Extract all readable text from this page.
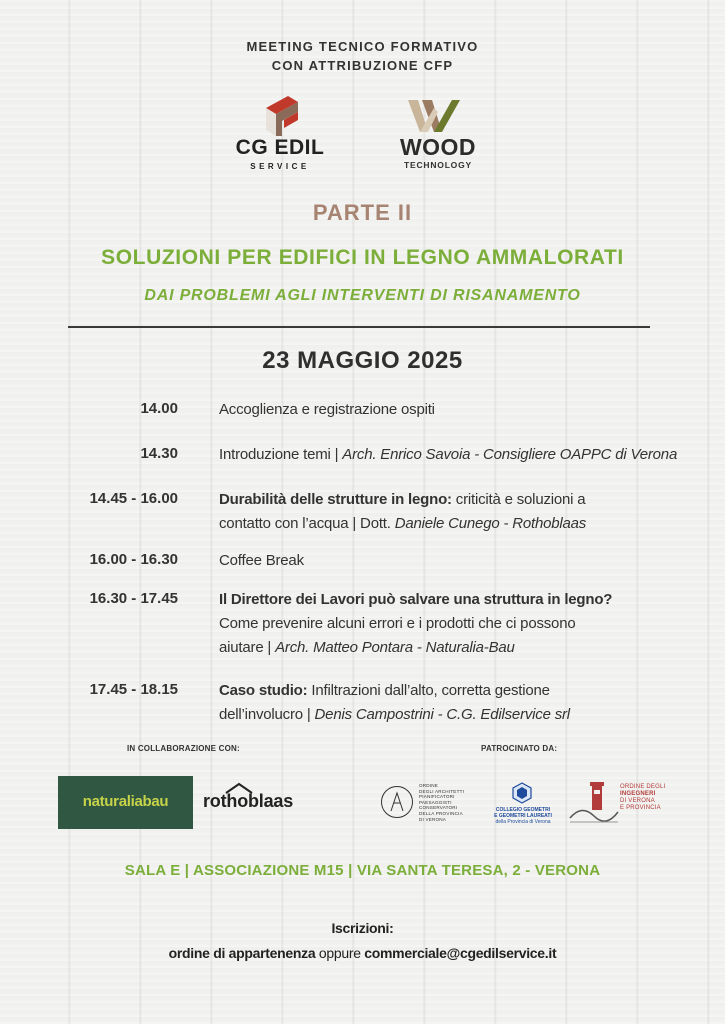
MEETING TECNICO FORMATIVO
CON ATTRIBUZIONE CFP
CG EDIL
SERVICE
WOOD
TECHNOLOGY
PARTE II
SOLUZIONI PER EDIFICI IN LEGNO AMMALORATI
DAI PROBLEMI AGLI INTERVENTI DI RISANAMENTO
23 MAGGIO 2025
14.00	Accoglienza e registrazione ospiti
14.30	Introduzione temi | Arch. Enrico Savoia - Consigliere OAPPC di Verona
14.45 - 16.00	Durabilità delle strutture in legno: criticità e soluzioni a
contatto con l’acqua | Dott. Daniele Cunego - Rothoblaas
16.00 - 16.30	Coffee Break
16.30 - 17.45	Il Direttore dei Lavori può salvare una struttura in legno?
Come prevenire alcuni errori e i prodotti che ci possono
aiutare | Arch. Matteo Pontara - Naturalia-Bau
17.45 - 18.15	Caso studio: Infiltrazioni dall’alto, corretta gestione
dell’involucro | Denis Campostrini - C.G. Edilservice srl
IN COLLABORAZIONE CON:	PATROCINATO DA:
naturaliabau	rothoblaas
ORDINE
DEGLI ARCHITETTI
PIANIFICATORI
PAESAGGISTI
CONSERVATORI
DELLA PROVINCIA
DI VERONA
COLLEGIO GEOMETRI
E GEOMETRI LAUREATI
della Provincia di Verona
ORDINE DEGLI
INGEGNERI
DI VERONA
E PROVINCIA
SALA E | ASSOCIAZIONE M15 | VIA SANTA TERESA, 2 - VERONA
Iscrizioni:
ordine di appartenenza oppure commerciale@cgedilservice.it
